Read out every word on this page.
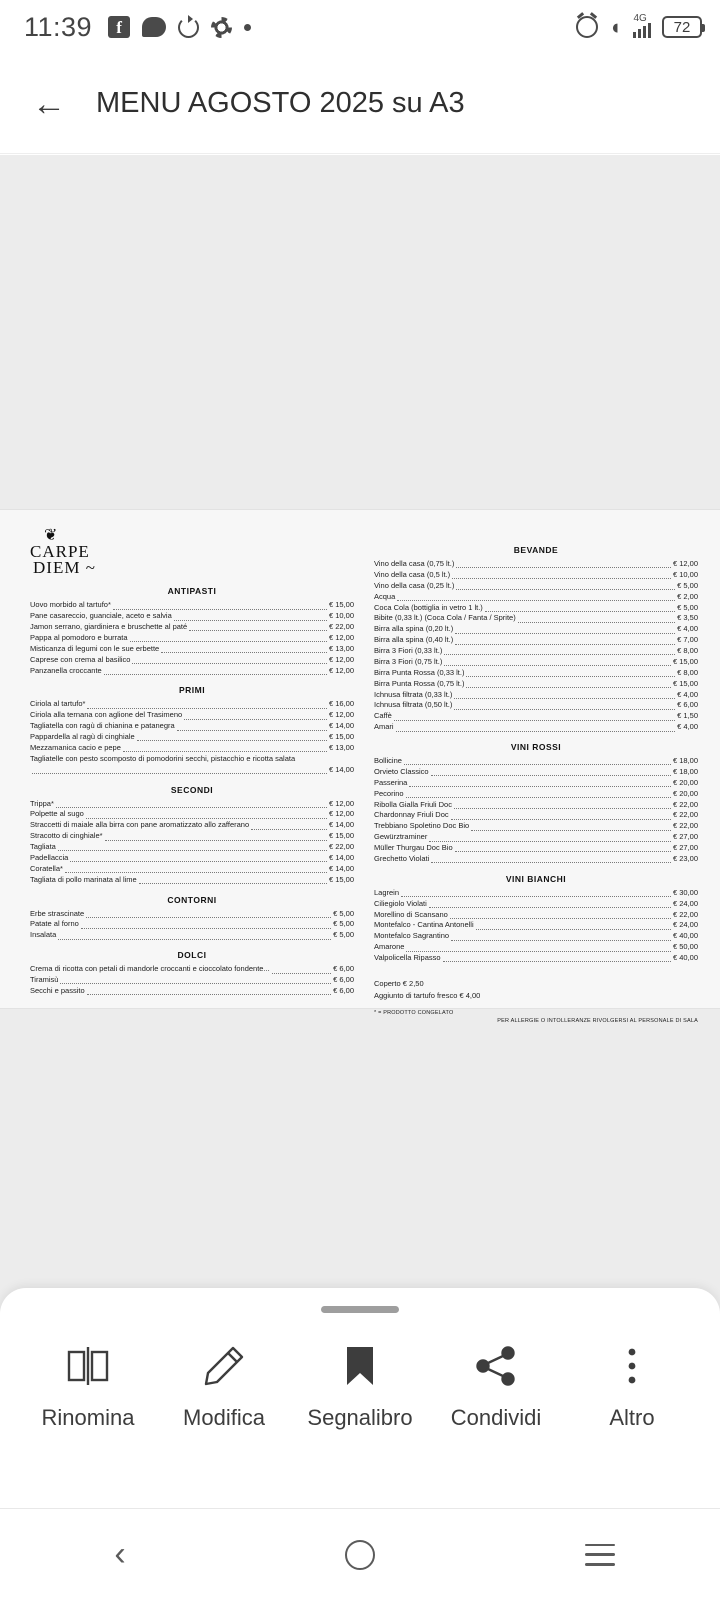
11:39	f	◖ 4G 72
←	MENU AGOSTO 2025 su A3
❦
CARPE
DIEM ~
ANTIPASTI
Uovo morbido al tartufo*	€ 15,00
Pane casareccio, guanciale, aceto e salvia	€ 10,00
Jamon serrano, giardiniera e bruschette al paté	€ 22,00
Pappa al pomodoro e burrata	€ 12,00
Misticanza di legumi con le sue erbette	€ 13,00
Caprese con crema al basilico	€ 12,00
Panzanella croccante	€ 12,00
PRIMI
Ciriola al tartufo*	€ 16,00
Ciriola alla ternana con aglione del Trasimeno	€ 12,00
Tagliatella con ragù di chianina e patanegra	€ 14,00
Pappardella al ragù di cinghiale	€ 15,00
Mezzamanica cacio e pepe	€ 13,00
Tagliatelle con pesto scomposto di pomodorini secchi, pistacchio e ricotta salata
€ 14,00
SECONDI
Trippa*	€ 12,00
Polpette al sugo	€ 12,00
Straccetti di maiale alla birra con pane aromatizzato allo zafferano	€ 14,00
Stracotto di cinghiale*	€ 15,00
Tagliata	€ 22,00
Padellaccia	€ 14,00
Coratella*	€ 14,00
Tagliata di pollo marinata al lime	€ 15,00
CONTORNI
Erbe strascinate	€ 5,00
Patate al forno	€ 5,00
Insalata	€ 5,00
DOLCI
Crema di ricotta con petali di mandorle croccanti e cioccolato fondente...	€ 6,00
Tiramisù	€ 6,00
Secchi e passito	€ 6,00
BEVANDE
Vino della casa (0,75 lt.)	€ 12,00
Vino della casa (0,5 lt.)	€ 10,00
Vino della casa (0,25 lt.)	€ 5,00
Acqua	€ 2,00
Coca Cola (bottiglia in vetro 1 lt.)	€ 5,00
Bibite (0,33 lt.) (Coca Cola / Fanta / Sprite)	€ 3,50
Birra alla spina (0,20 lt.)	€ 4,00
Birra alla spina (0,40 lt.)	€ 7,00
Birra 3 Fiori (0,33 lt.)	€ 8,00
Birra 3 Fiori (0,75 lt.)	€ 15,00
Birra Punta Rossa (0,33 lt.)	€ 8,00
Birra Punta Rossa (0,75 lt.)	€ 15,00
Ichnusa filtrata (0,33 lt.)	€ 4,00
Ichnusa filtrata (0,50 lt.)	€ 6,00
Caffè	€ 1,50
Amari	€ 4,00
VINI ROSSI
Bollicine	€ 18,00
Orvieto Classico	€ 18,00
Passerina	€ 20,00
Pecorino	€ 20,00
Ribolla Gialla Friuli Doc	€ 22,00
Chardonnay Friuli Doc	€ 22,00
Trebbiano Spoletino Doc Bio	€ 22,00
Gewürztraminer	€ 27,00
Müller Thurgau Doc Bio	€ 27,00
Grechetto Violati	€ 23,00
VINI BIANCHI
Lagrein	€ 30,00
Ciliegiolo Violati	€ 24,00
Morellino di Scansano	€ 22,00
Montefalco - Cantina Antonelli	€ 24,00
Montefalco Sagrantino	€ 40,00
Amarone	€ 50,00
Valpolicella Ripasso	€ 40,00
Coperto € 2,50
Aggiunto di tartufo fresco € 4,00
* = PRODOTTO CONGELATO
PER ALLERGIE O INTOLLERANZE RIVOLGERSI AL PERSONALE DI SALA
Rinomina Modifica Segnalibro Condividi	Altro
‹
